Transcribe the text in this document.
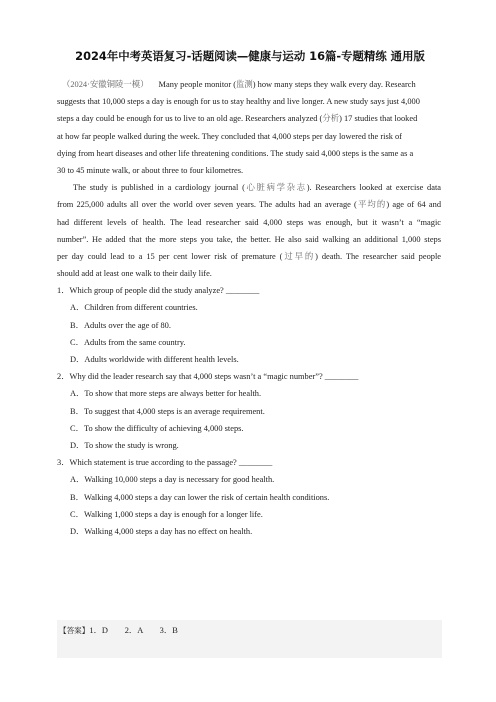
2024年中考英语复习-话题阅读—健康与运动 16篇-专题精练 通用版
（2024·安徽铜陵一模） Many people monitor (监测) how many steps they walk every day. Research
suggests that 10,000 steps a day is enough for us to stay healthy and live longer. A new study says just 4,000
steps a day could be enough for us to live to an old age. Researchers analyzed (分析) 17 studies that looked
at how far people walked during the week. They concluded that 4,000 steps per day lowered the risk of
dying from heart diseases and other life threatening conditions. The study said 4,000 steps is the same as a
30 to 45 minute walk, or about three to four kilometres.
The study is published in a cardiology journal (心脏病学杂志). Researchers looked at exercise data
from 225,000 adults all over the world over seven years. The adults had an average (平均的) age of 64 and
had different levels of health. The lead researcher said 4,000 steps was enough, but it wasn’t a “magic
number”. He added that the more steps you take, the better. He also said walking an additional 1,000 steps
per day could lead to a 15 per cent lower risk of premature (过早的) death. The researcher said people
should add at least one walk to their daily life.
1．Which group of people did the study analyze? ________
A．Children from different countries.
B．Adults over the age of 80.
C．Adults from the same country.
D．Adults worldwide with different health levels.
2．Why did the leader research say that 4,000 steps wasn’t a “magic number”? ________
A．To show that more steps are always better for health.
B．To suggest that 4,000 steps is an average requirement.
C．To show the difficulty of achieving 4,000 steps.
D．To show the study is wrong.
3．Which statement is true according to the passage? ________
A．Walking 10,000 steps a day is necessary for good health.
B．Walking 4,000 steps a day can lower the risk of certain health conditions.
C．Walking 1,000 steps a day is enough for a longer life.
D．Walking 4,000 steps a day has no effect on health.
【答案】1．D　　2．A　　3．B
